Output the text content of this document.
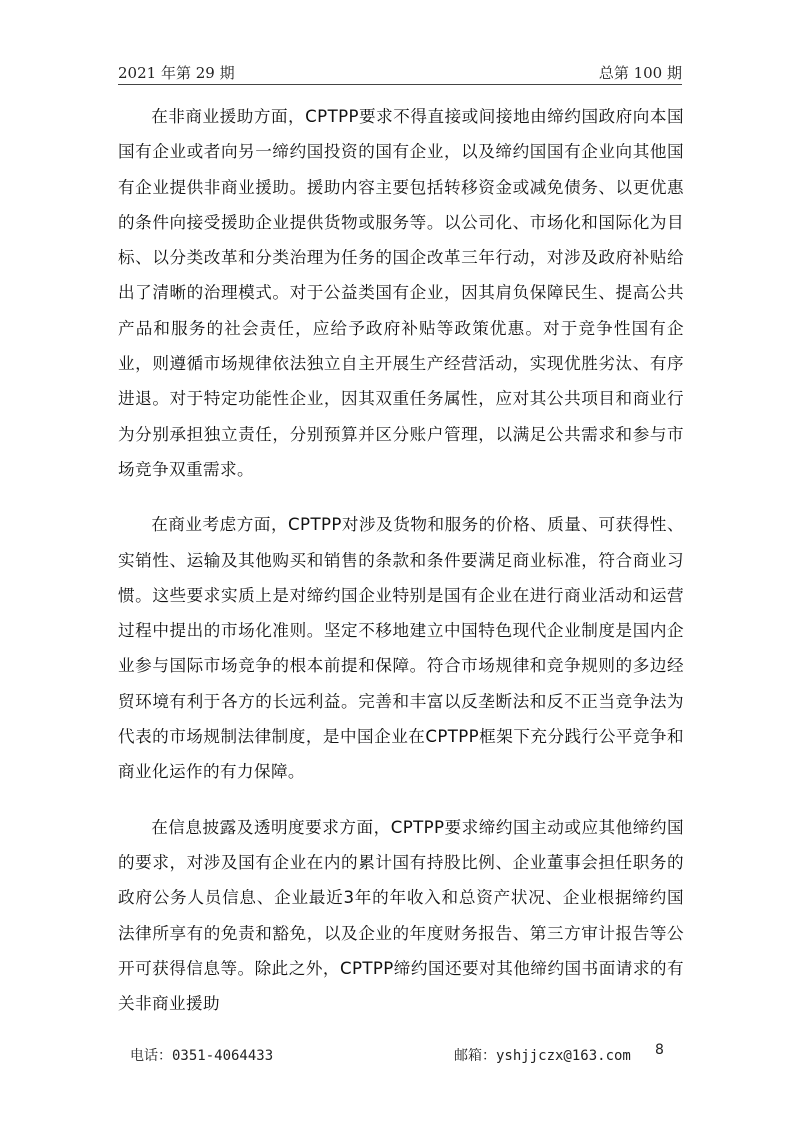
2021 年第 29 期	总第 100 期

在非商业援助方面，CPTPP要求不得直接或间接地由缔约国政府向本国国有企业或者向另一缔约国投资的国有企业，以及缔约国国有企业向其他国有企业提供非商业援助。援助内容主要包括转移资金或减免债务、以更优惠的条件向接受援助企业提供货物或服务等。以公司化、市场化和国际化为目标、以分类改革和分类治理为任务的国企改革三年行动，对涉及政府补贴给出了清晰的治理模式。对于公益类国有企业，因其肩负保障民生、提高公共产品和服务的社会责任，应给予政府补贴等政策优惠。对于竞争性国有企业，则遵循市场规律依法独立自主开展生产经营活动，实现优胜劣汰、有序进退。对于特定功能性企业，因其双重任务属性，应对其公共项目和商业行为分别承担独立责任，分别预算并区分账户管理，以满足公共需求和参与市场竞争双重需求。

在商业考虑方面，CPTPP对涉及货物和服务的价格、质量、可获得性、实销性、运输及其他购买和销售的条款和条件要满足商业标准，符合商业习惯。这些要求实质上是对缔约国企业特别是国有企业在进行商业活动和运营过程中提出的市场化准则。坚定不移地建立中国特色现代企业制度是国内企业参与国际市场竞争的根本前提和保障。符合市场规律和竞争规则的多边经贸环境有利于各方的长远利益。完善和丰富以反垄断法和反不正当竞争法为代表的市场规制法律制度，是中国企业在CPTPP框架下充分践行公平竞争和商业化运作的有力保障。

在信息披露及透明度要求方面，CPTPP要求缔约国主动或应其他缔约国的要求，对涉及国有企业在内的累计国有持股比例、企业董事会担任职务的政府公务人员信息、企业最近3年的年收入和总资产状况、企业根据缔约国法律所享有的免责和豁免，以及企业的年度财务报告、第三方审计报告等公开可获得信息等。除此之外，CPTPP缔约国还要对其他缔约国书面请求的有关非商业援助

电话：0351-4064433	邮箱：yshjjczx@163.com 8
